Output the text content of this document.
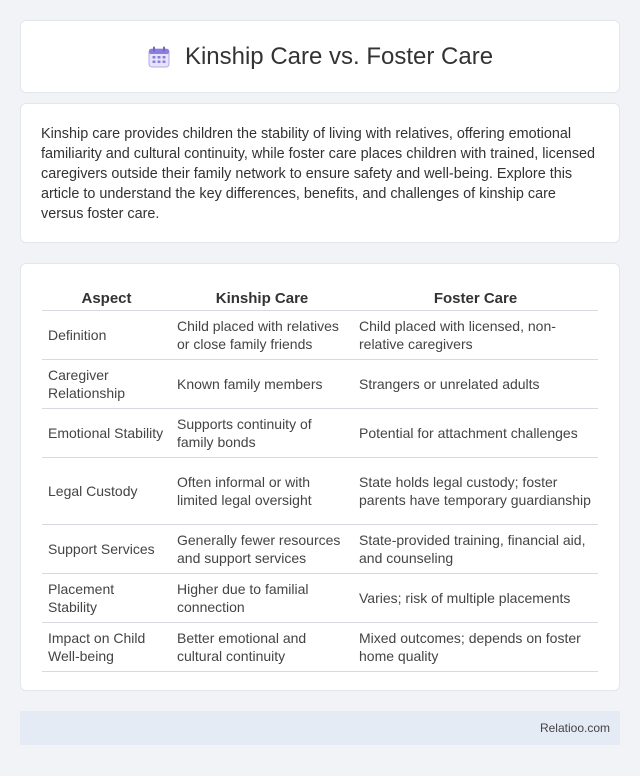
Kinship Care vs. Foster Care

Kinship care provides children the stability of living with relatives, offering emotional familiarity and cultural continuity, while foster care places children with trained, licensed caregivers outside their family network to ensure safety and well-being. Explore this article to understand the key differences, benefits, and challenges of kinship care versus foster care.

Aspect	Kinship Care	Foster Care
Definition	Child placed with relatives or close family friends	Child placed with licensed, non-relative caregivers
Caregiver Relationship	Known family members	Strangers or unrelated adults
Emotional Stability	Supports continuity of family bonds	Potential for attachment challenges
Legal Custody	Often informal or with limited legal oversight	State holds legal custody; foster parents have temporary guardianship
Support Services	Generally fewer resources and support services	State-provided training, financial aid, and counseling
Placement Stability	Higher due to familial connection	Varies; risk of multiple placements
Impact on Child Well-being	Better emotional and cultural continuity	Mixed outcomes; depends on foster home quality
Relatioo.com
